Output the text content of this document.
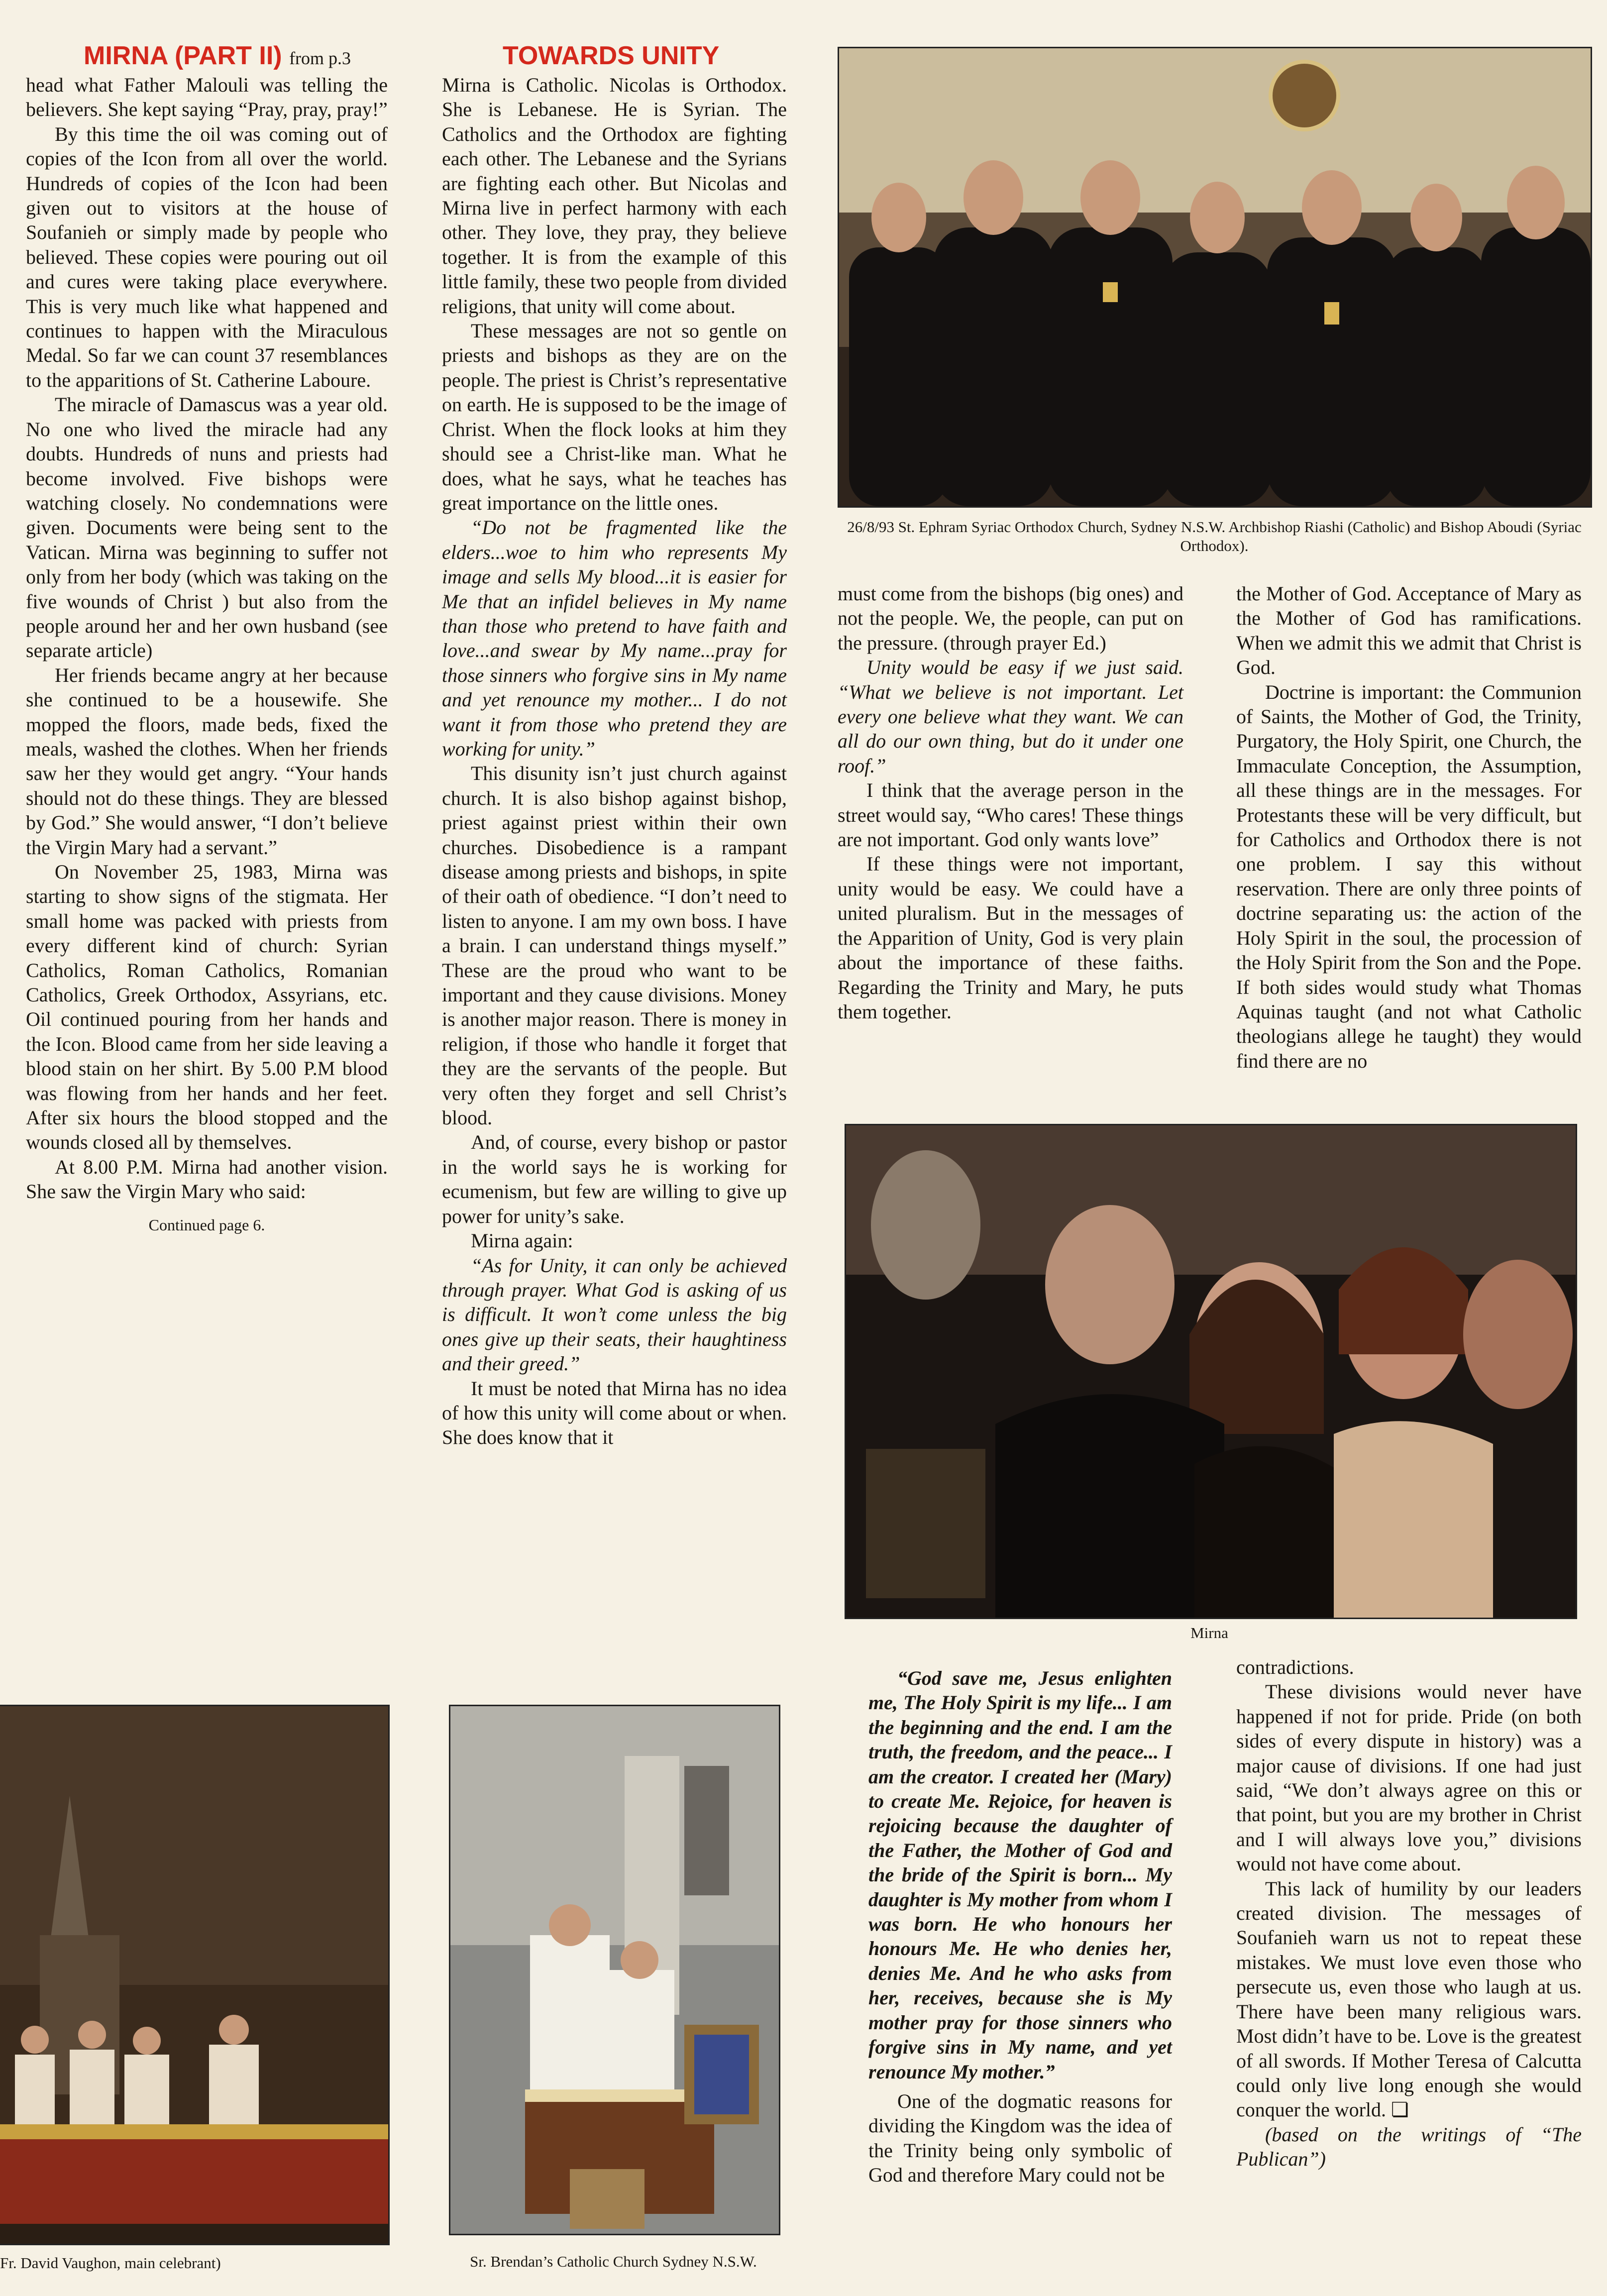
MIRNA (PART II) from p.3	TOWARDS UNITY

head what Father Malouli was telling the believers. She kept saying “Pray, pray, pray!”

By this time the oil was coming out of copies of the Icon from all over the world. Hundreds of copies of the Icon had been given out to visitors at the house of Soufanieh or simply made by people who believed. These copies were pouring out oil and cures were taking place everywhere. This is very much like what happened and continues to happen with the Miraculous Medal. So far we can count 37 resemblances to the apparitions of St. Catherine Laboure.

The miracle of Damascus was a year old. No one who lived the miracle had any doubts. Hundreds of nuns and priests had become involved. Five bishops were watching closely. No condemnations were given. Documents were being sent to the Vatican. Mirna was beginning to suffer not only from her body (which was taking on the five wounds of Christ ) but also from the people around her and her own husband (see separate article)

Her friends became angry at her because she continued to be a housewife. She mopped the floors, made beds, fixed the meals, washed the clothes. When her friends saw her they would get angry. “Your hands should not do these things. They are blessed by God.” She would answer, “I don’t believe the Virgin Mary had a servant.”

On November 25, 1983, Mirna was starting to show signs of the stigmata. Her small home was packed with priests from every different kind of church: Syrian Catholics, Roman Catholics, Romanian Catholics, Greek Orthodox, Assyrians, etc. Oil continued pouring from her hands and the Icon. Blood came from her side leaving a blood stain on her shirt. By 5.00 P.M blood was flowing from her hands and her feet. After six hours the blood stopped and the wounds closed all by themselves.

At 8.00 P.M. Mirna had another vision. She saw the Virgin Mary who said:

Continued page 6.

Mirna is Catholic. Nicolas is Orthodox. She is Lebanese. He is Syrian. The Catholics and the Orthodox are fighting each other. The Lebanese and the Syrians are fighting each other. But Nicolas and Mirna live in perfect harmony with each other. They love, they pray, they believe together. It is from the example of this little family, these two people from divided religions, that unity will come about.

These messages are not so gentle on priests and bishops as they are on the people. The priest is Christ’s representative on earth. He is supposed to be the image of Christ. When the flock looks at him they should see a Christ-like man. What he does, what he says, what he teaches has great importance on the little ones.

“Do not be fragmented like the elders...woe to him who represents My image and sells My blood...it is easier for Me that an infidel believes in My name than those who pretend to have faith and love...and swear by My name...pray for those sinners who forgive sins in My name and yet renounce my mother... I do not want it from those who pretend they are working for unity.”

This disunity isn’t just church against church. It is also bishop against bishop, priest against priest within their own churches. Disobedience is a rampant disease among priests and bishops, in spite of their oath of obedience. “I don’t need to listen to anyone. I am my own boss. I have a brain. I can understand things myself.” These are the proud who want to be important and they cause divisions. Money is another major reason. There is money in religion, if those who handle it forget that they are the servants of the people. But very often they forget and sell Christ’s blood.

And, of course, every bishop or pastor in the world says he is working for ecumenism, but few are willing to give up power for unity’s sake.

Mirna again:

“As for Unity, it can only be achieved through prayer. What God is asking of us is difficult. It won’t come unless the big ones give up their seats, their haughtiness and their greed.”

It must be noted that Mirna has no idea of how this unity will come about or when. She does know that it

26/8/93 St. Ephram Syriac Orthodox Church, Sydney N.S.W. Archbishop Riashi (Catholic) and Bishop Aboudi (Syriac Orthodox).

must come from the bishops (big ones) and not the people. We, the people, can put on the pressure. (through prayer Ed.)

Unity would be easy if we just said. “What we believe is not important. Let every one believe what they want. We can all do our own thing, but do it under one roof.”

I think that the average person in the street would say, “Who cares! These things are not important. God only wants love”

If these things were not important, unity would be easy. We could have a united pluralism. But in the messages of the Apparition of Unity, God is very plain about the importance of these faiths. Regarding the Trinity and Mary, he puts them together.

the Mother of God. Acceptance of Mary as the Mother of God has ramifications. When we admit this we admit that Christ is God.

Doctrine is important: the Communion of Saints, the Mother of God, the Trinity, Purgatory, the Holy Spirit, one Church, the Immaculate Conception, the Assumption, all these things are in the messages. For Protestants these will be very difficult, but for Catholics and Orthodox there is not one problem. I say this without reservation. There are only three points of doctrine separating us: the action of the Holy Spirit in the soul, the procession of the Holy Spirit from the Son and the Pope. If both sides would study what Thomas Aquinas taught (and not what Catholic theologians allege he taught) they would find there are no

Mirna
Fr. David Vaughon, main celebrant)	Sr. Brendan’s Catholic Church Sydney N.S.W.

“God save me, Jesus enlighten me, The Holy Spirit is my life... I am the beginning and the end. I am the truth, the freedom, and the peace... I am the creator. I created her (Mary) to create Me. Rejoice, for heaven is rejoicing because the daughter of the Father, the Mother of God and the bride of the Spirit is born... My daughter is My mother from whom I was born. He who honours her honours Me. He who denies her, denies Me. And he who asks from her, receives, because she is My mother pray for those sinners who forgive sins in My name, and yet renounce My mother.”

One of the dogmatic reasons for dividing the Kingdom was the idea of the Trinity being only symbolic of God and therefore Mary could not be

contradictions.

These divisions would never have happened if not for pride. Pride (on both sides of every dispute in history) was a major cause of divisions. If one had just said, “We don’t always agree on this or that point, but you are my brother in Christ and I will always love you,” divisions would not have come about.

This lack of humility by our leaders created division. The messages of Soufanieh warn us not to repeat these mistakes. We must love even those who persecute us, even those who laugh at us. There have been many religious wars. Most didn’t have to be. Love is the greatest of all swords. If Mother Teresa of Calcutta could only live long enough she would conquer the world. ❏

(based on the writings of “The Publican”)
